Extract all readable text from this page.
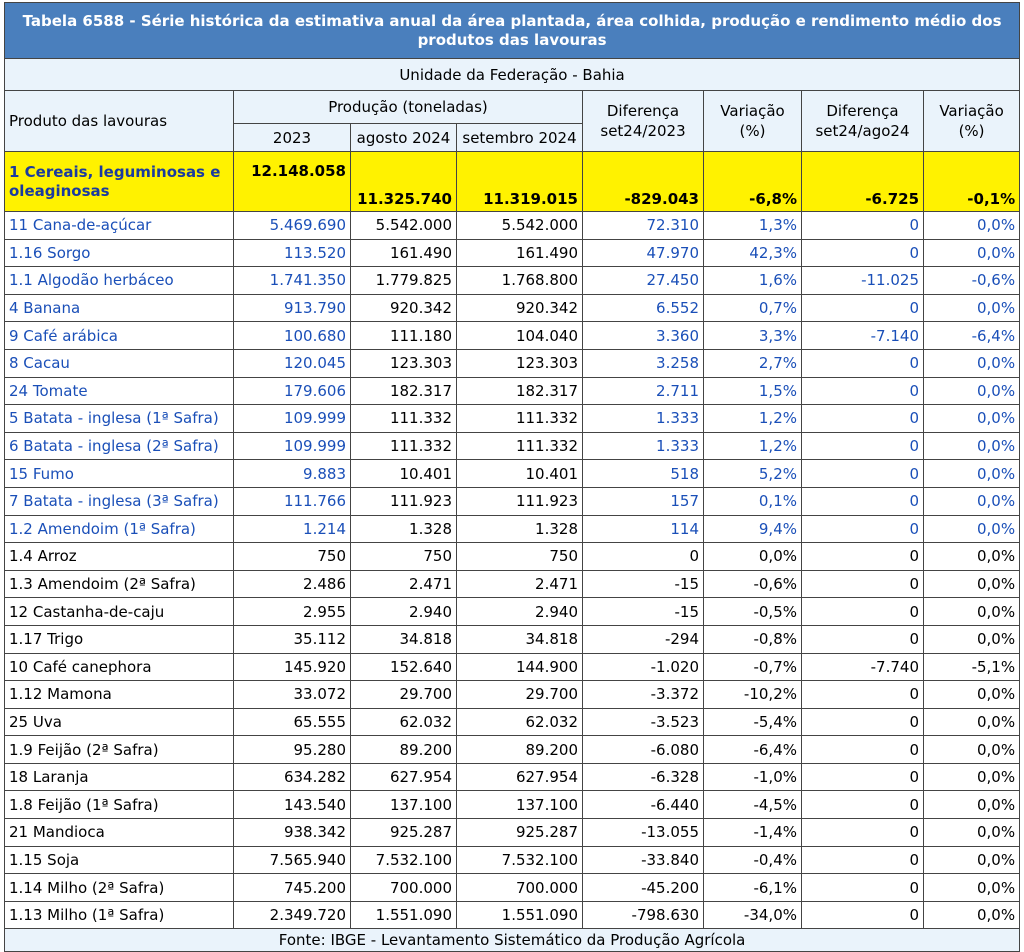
Tabela 6588 - Série histórica da estimativa anual da área plantada, área colhida, produção e rendimento médio dos produtos das lavouras							
Unidade da Federação - Bahia							
Produto das lavouras	Produção (toneladas)			Diferença set24/2023	Variação (%)	Diferença set24/ago24	Variação (%)
	2023	agosto 2024	setembro 2024				
1 Cereais, leguminosas e oleaginosas	12.148.058	11.325.740	11.319.015	-829.043	-6,8%	-6.725	-0,1%
11 Cana-de-açúcar	5.469.690	5.542.000	5.542.000	72.310	1,3%	0	0,0%
1.16 Sorgo	113.520	161.490	161.490	47.970	42,3%	0	0,0%
1.1 Algodão herbáceo	1.741.350	1.779.825	1.768.800	27.450	1,6%	-11.025	-0,6%
4 Banana	913.790	920.342	920.342	6.552	0,7%	0	0,0%
9 Café arábica	100.680	111.180	104.040	3.360	3,3%	-7.140	-6,4%
8 Cacau	120.045	123.303	123.303	3.258	2,7%	0	0,0%
24 Tomate	179.606	182.317	182.317	2.711	1,5%	0	0,0%
5 Batata - inglesa (1ª Safra)	109.999	111.332	111.332	1.333	1,2%	0	0,0%
6 Batata - inglesa (2ª Safra)	109.999	111.332	111.332	1.333	1,2%	0	0,0%
15 Fumo	9.883	10.401	10.401	518	5,2%	0	0,0%
7 Batata - inglesa (3ª Safra)	111.766	111.923	111.923	157	0,1%	0	0,0%
1.2 Amendoim (1ª Safra)	1.214	1.328	1.328	114	9,4%	0	0,0%
1.4 Arroz	750	750	750	0	0,0%	0	0,0%
1.3 Amendoim (2ª Safra)	2.486	2.471	2.471	-15	-0,6%	0	0,0%
12 Castanha-de-caju	2.955	2.940	2.940	-15	-0,5%	0	0,0%
1.17 Trigo	35.112	34.818	34.818	-294	-0,8%	0	0,0%
10 Café canephora	145.920	152.640	144.900	-1.020	-0,7%	-7.740	-5,1%
1.12 Mamona	33.072	29.700	29.700	-3.372	-10,2%	0	0,0%
25 Uva	65.555	62.032	62.032	-3.523	-5,4%	0	0,0%
1.9 Feijão (2ª Safra)	95.280	89.200	89.200	-6.080	-6,4%	0	0,0%
18 Laranja	634.282	627.954	627.954	-6.328	-1,0%	0	0,0%
1.8 Feijão (1ª Safra)	143.540	137.100	137.100	-6.440	-4,5%	0	0,0%
21 Mandioca	938.342	925.287	925.287	-13.055	-1,4%	0	0,0%
1.15 Soja	7.565.940	7.532.100	7.532.100	-33.840	-0,4%	0	0,0%
1.14 Milho (2ª Safra)	745.200	700.000	700.000	-45.200	-6,1%	0	0,0%
1.13 Milho (1ª Safra)	2.349.720	1.551.090	1.551.090	-798.630	-34,0%	0	0,0%
Fonte: IBGE - Levantamento Sistemático da Produção Agrícola							
